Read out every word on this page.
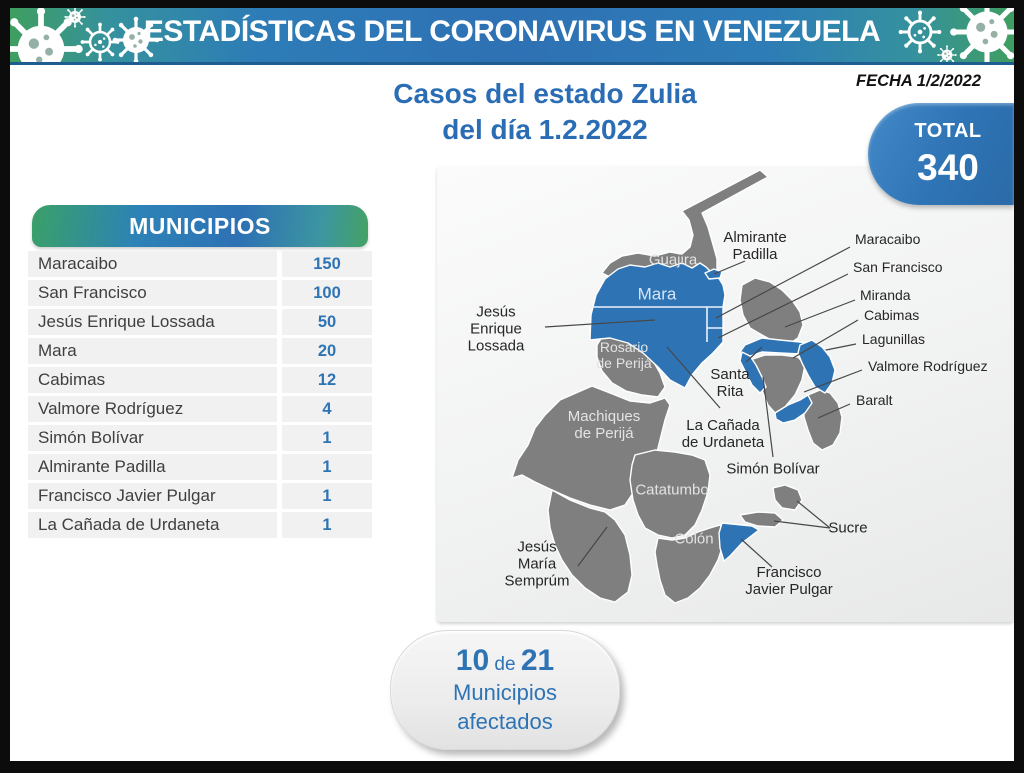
ESTADÍSTICAS DEL CORONAVIRUS EN VENEZUELA
FECHA 1/2/2022
Casos del estado Zulia
del día 1.2.2022	TOTAL
340
MUNICIPIOS
Maracaibo	150
San Francisco	100
Jesús Enrique Lossada	50
Mara	20
Cabimas	12
Valmore Rodríguez	4
Simón Bolívar	1
Almirante Padilla	1
Francisco Javier Pulgar	1
La Cañada de Urdaneta	1
Guajira
Mara
Rosario
de Perijá
Machiques
de Perijá
Catatumbo
Colón
Almirante
Padilla
Jesús
Enrique
Lossada
Santa
Rita
La Cañada
de Urdaneta
Simón Bolívar
Sucre
Francisco
Javier Pulgar
Jesús
María
Semprúm
Maracaibo
San Francisco
Miranda
Cabimas
Lagunillas
Valmore Rodríguez
Baralt
10 de 21
Municipios
afectados
